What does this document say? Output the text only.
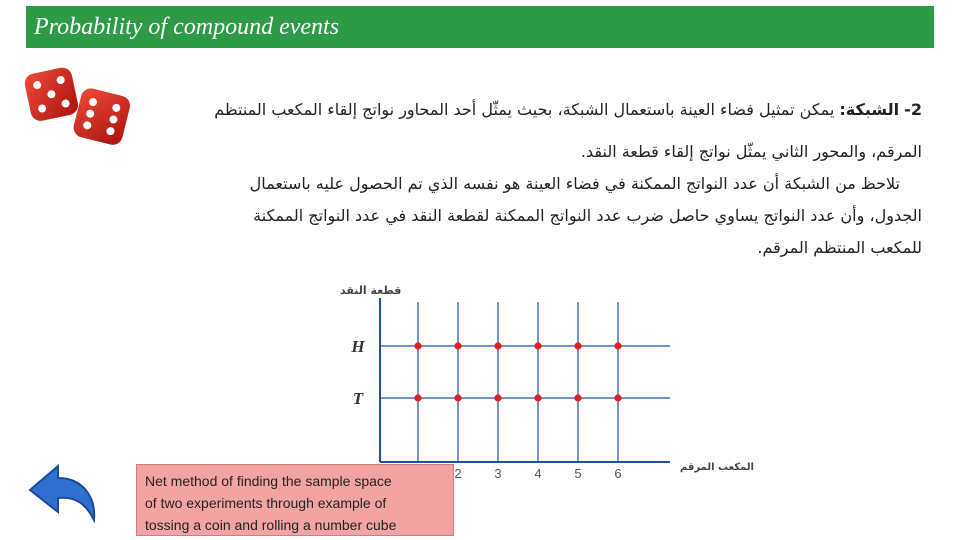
Probability of compound events
2- الشبكة: يمكن تمثيل فضاء العينة باستعمال الشبكة، بحيث يمثّل أحد المحاور نواتج إلقاء المكعب المنتظم
المرقم، والمحور الثاني يمثّل نواتج إلقاء قطعة النقد.
تلاحظ من الشبكة أن عدد النواتج الممكنة في فضاء العينة هو نفسه الذي تم الحصول عليه باستعمال
الجدول، وأن عدد النواتج يساوي حاصل ضرب عدد النواتج الممكنة لقطعة النقد في عدد النواتج الممكنة
للمكعب المنتظم المرقم.
2	3	4	5	6
T
H
قطعة النقد
المكعب المرقم
Net method of finding the sample space
of two experiments through example of
tossing a coin and rolling a number cube
